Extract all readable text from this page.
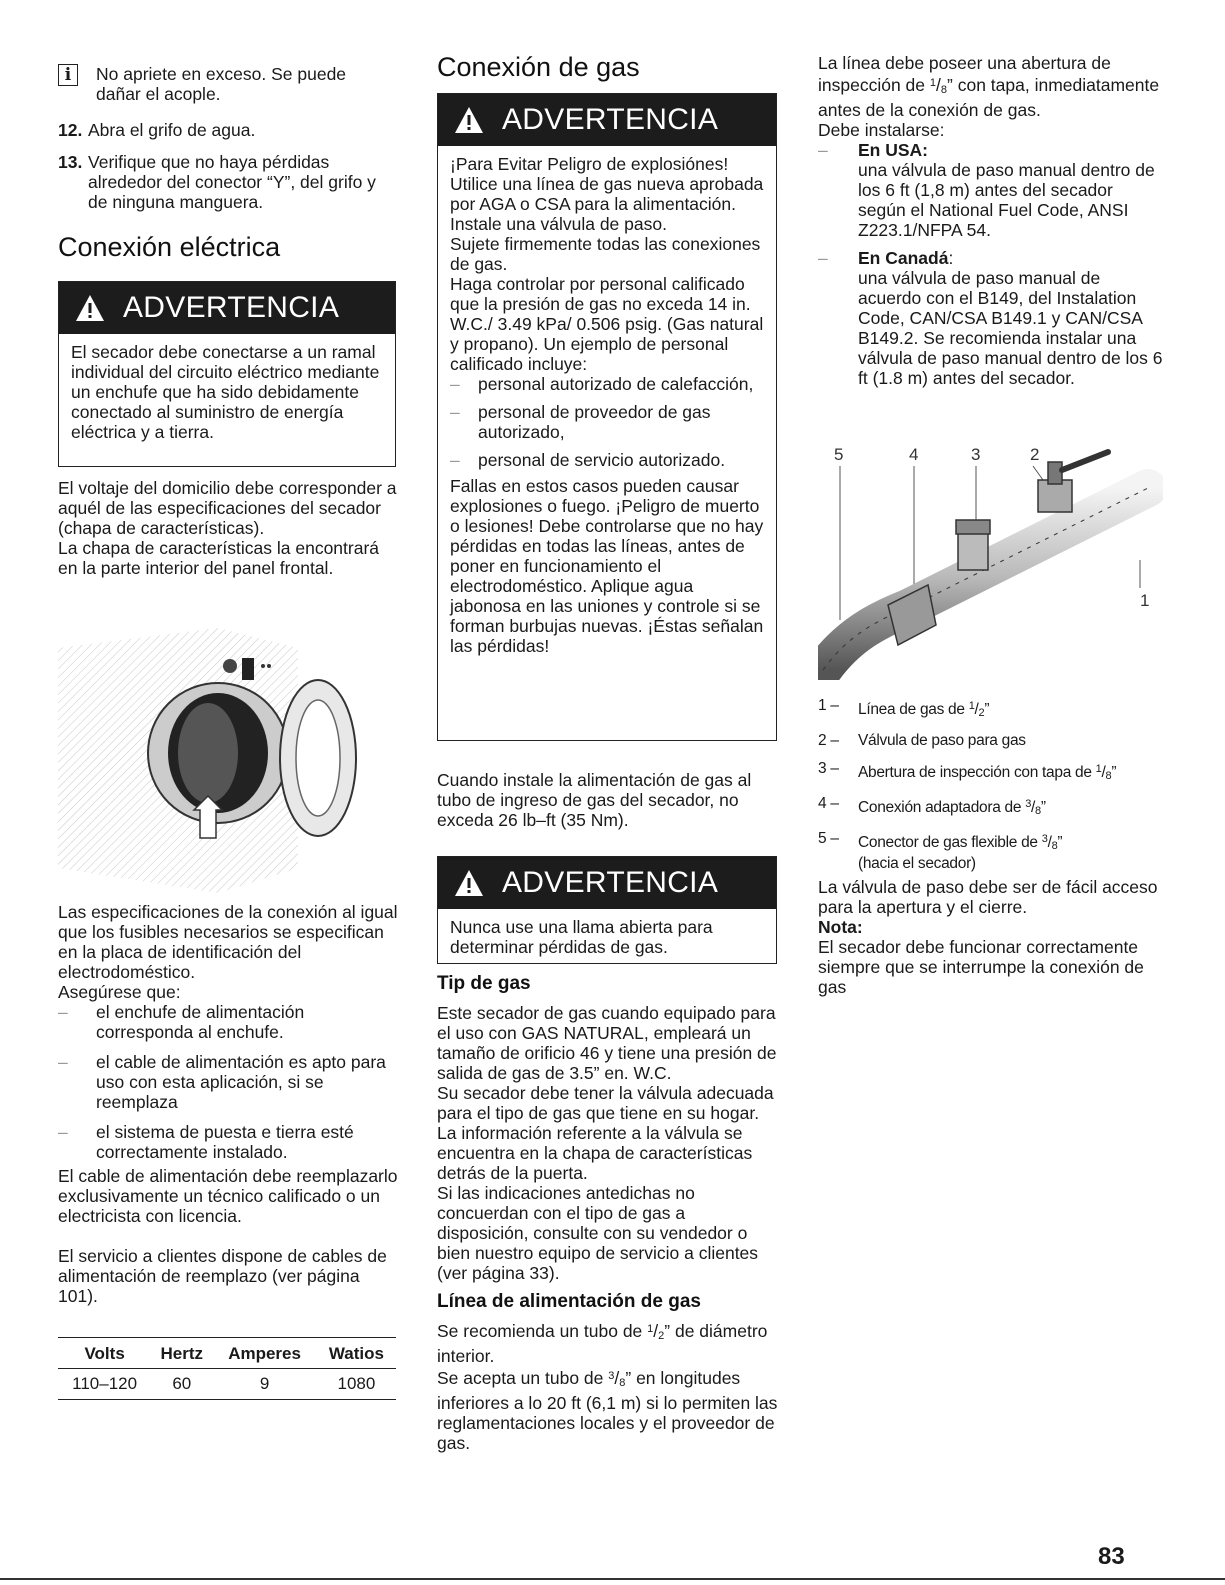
i	No apriete en exceso. Se puede dañar el acople.

12. Abra el grifo de agua.
13. Verifique que no haya pérdidas alrededor del conector “Y”, del grifo y de ninguna manguera.
Conexión eléctrica
ADVERTENCIA
El secador debe conectarse a un ramal individual del circuito eléctrico mediante un enchufe que ha sido debidamente conectado al suministro de energía eléctrica y a tierra.

El voltaje del domicilio debe corresponder a aquél de las especificaciones del secador (chapa de características).

La chapa de características la encontrará en la parte interior del panel frontal.

Las especificaciones de la conexión al igual que los fusibles necesarios se especifican en la placa de identificación del electrodoméstico.

Asegúrese que:

–	el enchufe de alimentación corresponda al enchufe.
–	el cable de alimentación es apto para uso con esta aplicación, si se reemplaza
–	el sistema de puesta e tierra esté correctamente instalado.

El cable de alimentación debe reemplazarlo exclusivamente un técnico calificado o un electricista con licencia.

El servicio a clientes dispone de cables de alimentación de reemplazo (ver página 101).

Volts	Hertz	Amperes	Watios
110–120	60	9	1080
Conexión de gas
ADVERTENCIA

¡Para Evitar Peligro de explosiónes!

Utilice una línea de gas nueva aprobada por AGA o CSA para la alimentación.

Instale una válvula de paso.

Sujete firmemente todas las conexiones de gas.

Haga controlar por personal calificado que la presión de gas no exceda 14 in. W.C./ 3.49 kPa/ 0.506 psig. (Gas natural y propano). Un ejemplo de personal calificado incluye:

–	personal autorizado de calefacción,
–	personal de proveedor de gas autorizado,
–	personal de servicio autorizado.

Fallas en estos casos pueden causar explosiones o fuego. ¡Peligro de muerto o lesiones! Debe controlarse que no hay pérdidas en todas las líneas, antes de poner en funcionamiento el electrodoméstico. Aplique agua jabonosa en las uniones y controle si se forman burbujas nuevas. ¡Éstas señalan las pérdidas!

Cuando instale la alimentación de gas al tubo de ingreso de gas del secador, no exceda 26 lb–ft (35 Nm).

ADVERTENCIA
Nunca use una llama abierta para determinar pérdidas de gas.
Tip de gas

Este secador de gas cuando equipado para el uso con GAS NATURAL, empleará un tamaño de orificio 46 y tiene una presión de salida de gas de 3.5” en. W.C.

Su secador debe tener la válvula adecuada para el tipo de gas que tiene en su hogar. La información referente a la válvula se encuentra en la chapa de características detrás de la puerta.

Si las indicaciones antedichas no concuerdan con el tipo de gas a disposición, consulte con su vendedor o bien nuestro equipo de servicio a clientes (ver página 33).

Línea de alimentación de gas

Se recomienda un tubo de $^1/_2$” de diámetro interior.

Se acepta un tubo de $^3/_8$” en longitudes inferiores a lo 20 ft (6,1 m) si lo permiten las reglamentaciones locales y el proveedor de gas.

La línea debe poseer una abertura de inspección de $^1/_8$” con tapa, inmediatamente antes de la conexión de gas.

Debe instalarse:

–	En USA:

una válvula de paso manual dentro de los 6 ft (1,8 m) antes del secador según el National Fuel Code, ANSI Z223.1/NFPA 54.

–	En Canadá:

una válvula de paso manual de acuerdo con el B149, del Instalation Code, CAN/CSA B149.1 y CAN/CSA B149.2. Se recomienda instalar una válvula de paso manual dentro de los 6 ft (1.8 m) antes del secador.

5	4	3	2
1
1 –	Línea de gas de $^1/_2$”
2 –	Válvula de paso para gas
3 –	Abertura de inspección con tapa de $^1/_8$”
4 –	Conexión adaptadora de $^3/_8$”
5 –	Conector de gas flexible de $^3/_8$”
(hacia el secador)

La válvula de paso debe ser de fácil acceso para la apertura y el cierre.

Nota:

El secador debe funcionar correctamente siempre que se interrumpe la conexión de gas

83
